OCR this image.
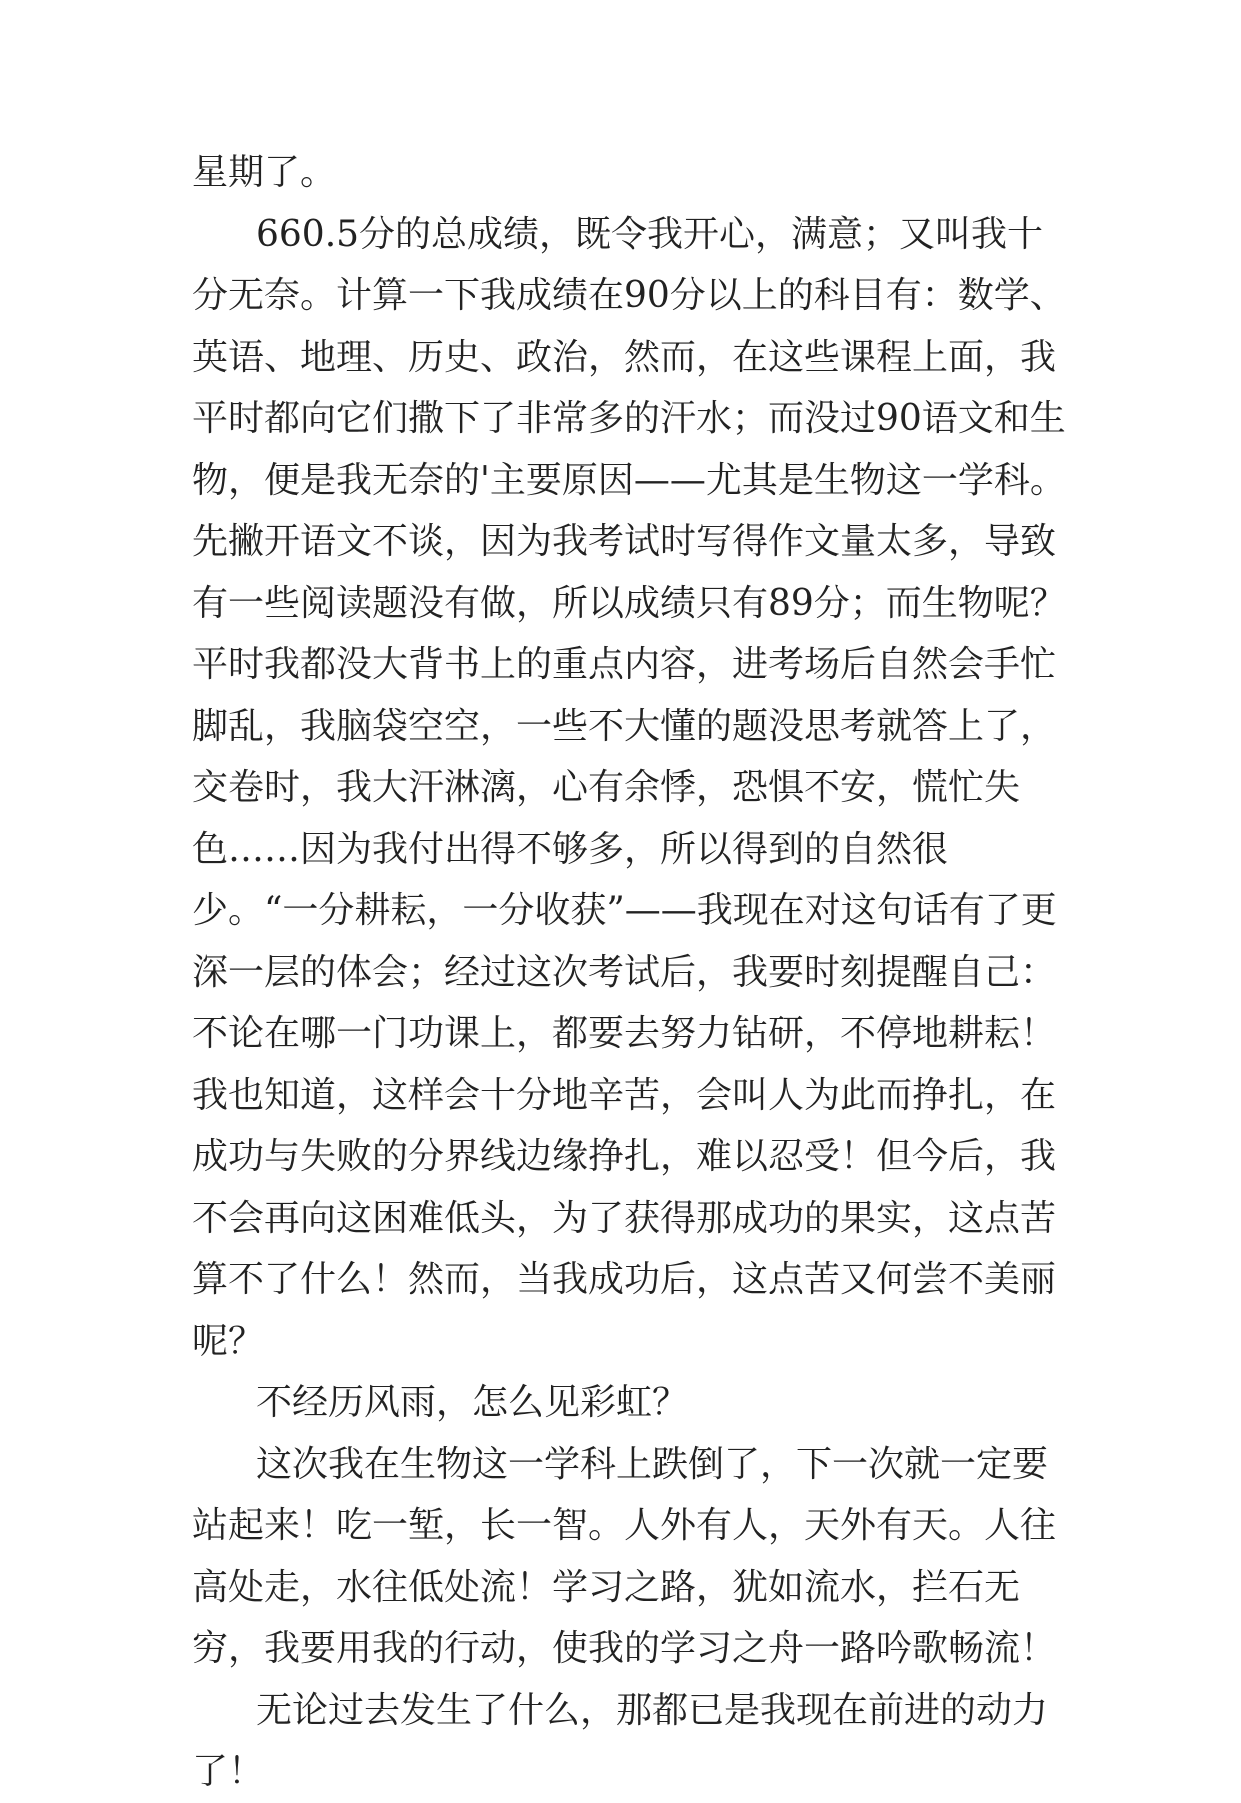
星期了。

660.5分的总成绩，既令我开心，满意；又叫我十分无奈。计算一下我成绩在90分以上的科目有：数学、英语、地理、历史、政治，然而，在这些课程上面，我平时都向它们撒下了非常多的汗水；而没过90语文和生物，便是我无奈的'主要原因——尤其是生物这一学科。先撇开语文不谈，因为我考试时写得作文量太多，导致有一些阅读题没有做，所以成绩只有89分；而生物呢？平时我都没大背书上的重点内容，进考场后自然会手忙脚乱，我脑袋空空，一些不大懂的题没思考就答上了，交卷时，我大汗淋漓，心有余悸，恐惧不安，慌忙失色……因为我付出得不够多，所以得到的自然很少。“一分耕耘，一分收获”——我现在对这句话有了更深一层的体会；经过这次考试后，我要时刻提醒自己：不论在哪一门功课上，都要去努力钻研，不停地耕耘！我也知道，这样会十分地辛苦，会叫人为此而挣扎，在成功与失败的分界线边缘挣扎，难以忍受！但今后，我不会再向这困难低头，为了获得那成功的果实，这点苦算不了什么！然而，当我成功后，这点苦又何尝不美丽呢？

不经历风雨，怎么见彩虹？

这次我在生物这一学科上跌倒了，下一次就一定要站起来！吃一堑，长一智。人外有人，天外有天。人往高处走，水往低处流！学习之路，犹如流水，拦石无穷，我要用我的行动，使我的学习之舟一路吟歌畅流！

无论过去发生了什么，那都已是我现在前进的动力了！
